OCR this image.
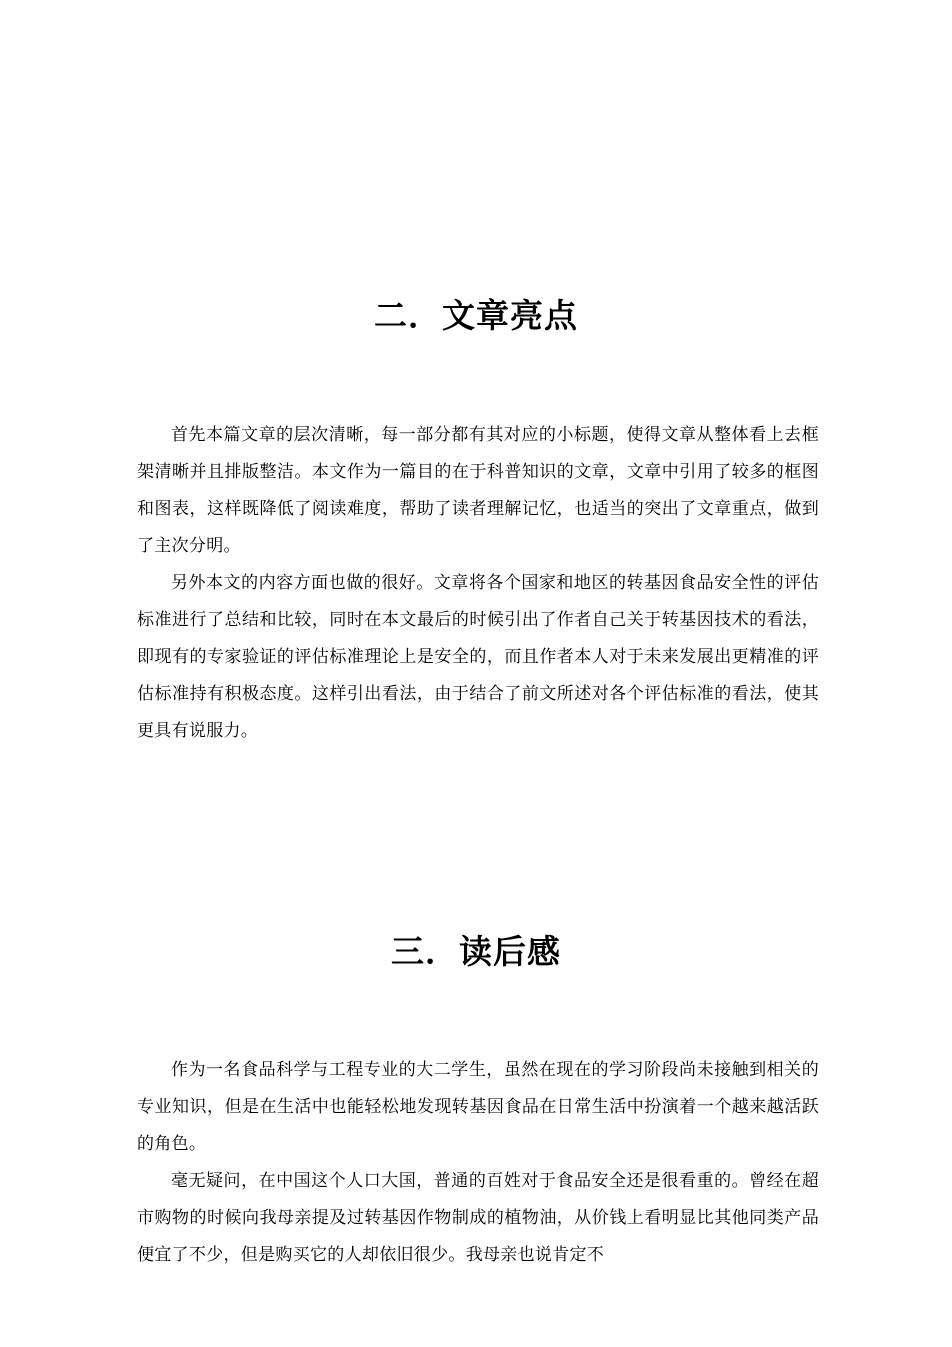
二．文章亮点

首先本篇文章的层次清晰，每一部分都有其对应的小标题，使得文章从整体看上去框架清晰并且排版整洁。本文作为一篇目的在于科普知识的文章，文章中引用了较多的框图和图表，这样既降低了阅读难度，帮助了读者理解记忆，也适当的突出了文章重点，做到了主次分明。

另外本文的内容方面也做的很好。文章将各个国家和地区的转基因食品安全性的评估标准进行了总结和比较，同时在本文最后的时候引出了作者自己关于转基因技术的看法，即现有的专家验证的评估标准理论上是安全的，而且作者本人对于未来发展出更精准的评估标准持有积极态度。这样引出看法，由于结合了前文所述对各个评估标准的看法，使其更具有说服力。

三．读后感

作为一名食品科学与工程专业的大二学生，虽然在现在的学习阶段尚未接触到相关的专业知识，但是在生活中也能轻松地发现转基因食品在日常生活中扮演着一个越来越活跃的角色。

毫无疑问，在中国这个人口大国，普通的百姓对于食品安全还是很看重的。曾经在超市购物的时候向我母亲提及过转基因作物制成的植物油，从价钱上看明显比其他同类产品便宜了不少，但是购买它的人却依旧很少。我母亲也说肯定不
